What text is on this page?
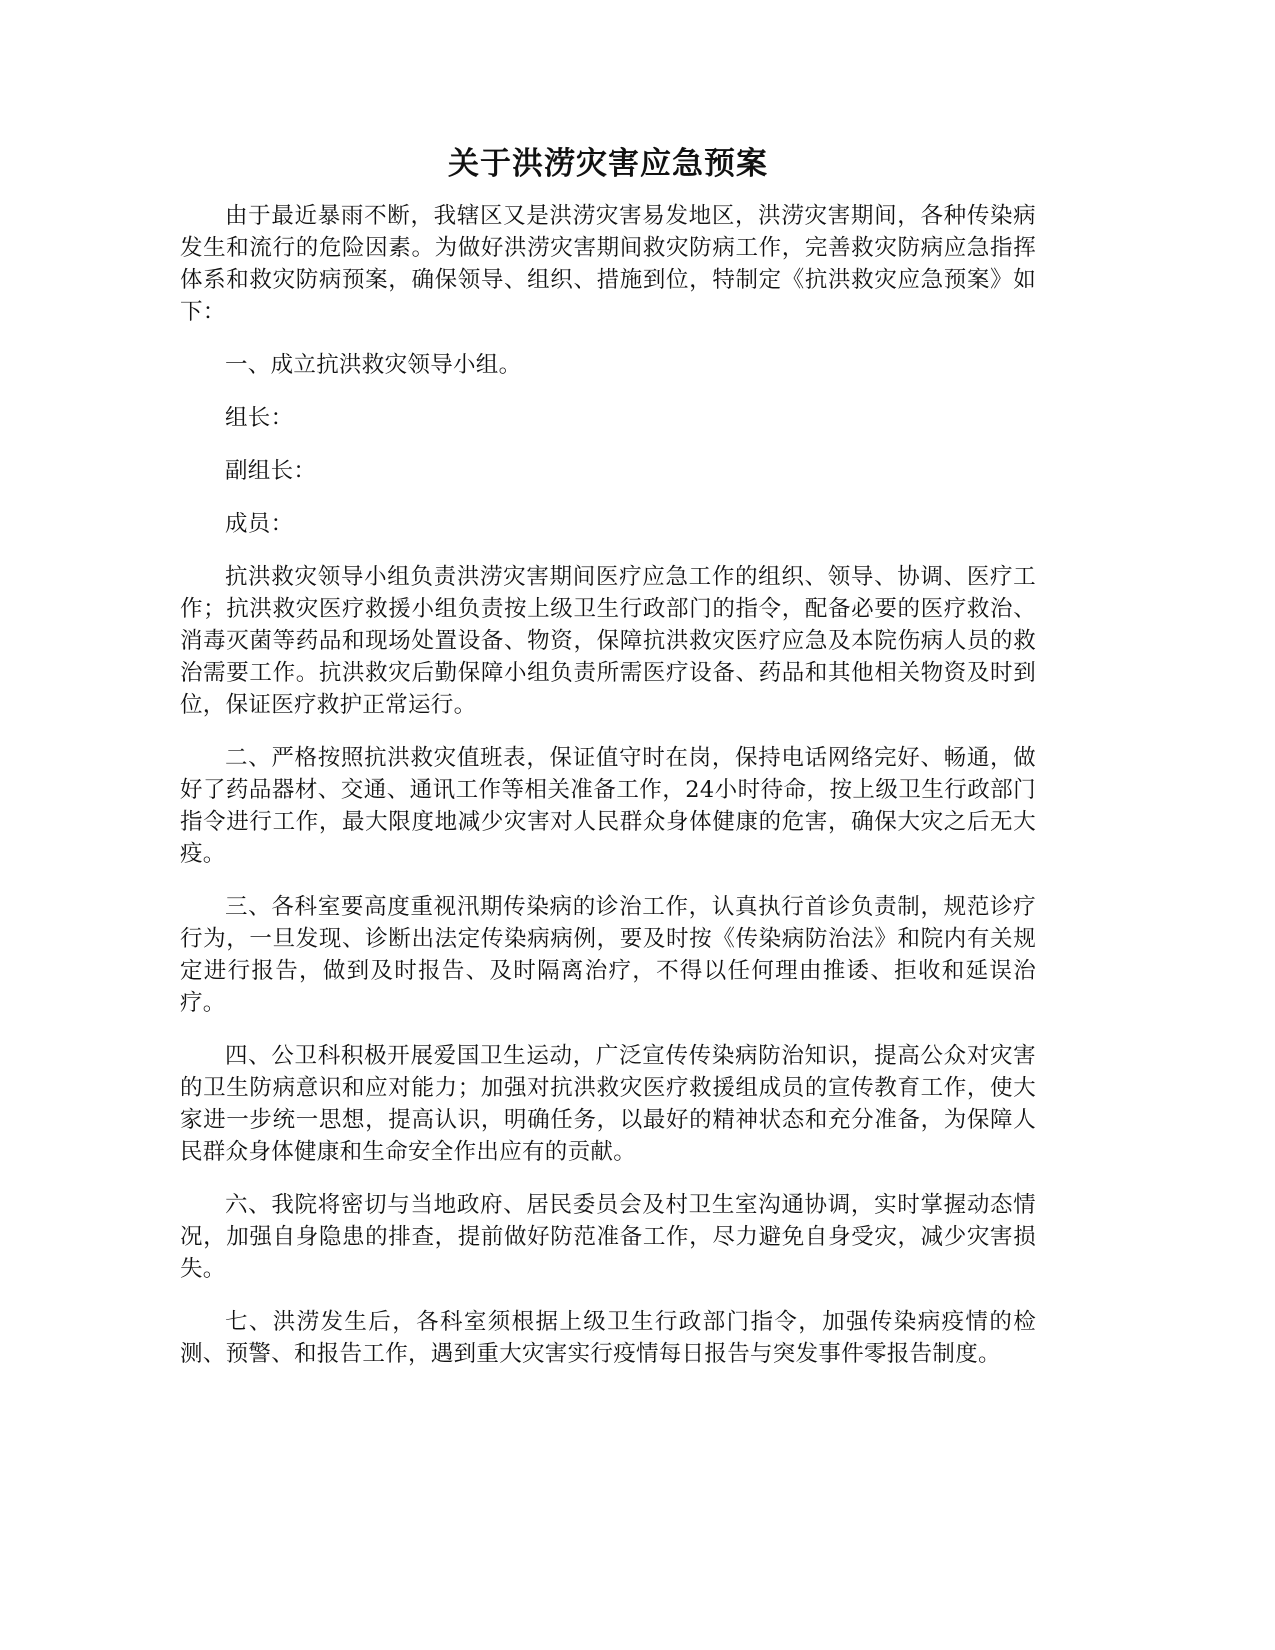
关于洪涝灾害应急预案

由于最近暴雨不断，我辖区又是洪涝灾害易发地区，洪涝灾害期间，各种传染病发生和流行的危险因素。为做好洪涝灾害期间救灾防病工作，完善救灾防病应急指挥体系和救灾防病预案，确保领导、组织、措施到位，特制定《抗洪救灾应急预案》如下：

一、成立抗洪救灾领导小组。

组长：

副组长：

成员：

抗洪救灾领导小组负责洪涝灾害期间医疗应急工作的组织、领导、协调、医疗工作；抗洪救灾医疗救援小组负责按上级卫生行政部门的指令，配备必要的医疗救治、消毒灭菌等药品和现场处置设备、物资，保障抗洪救灾医疗应急及本院伤病人员的救治需要工作。抗洪救灾后勤保障小组负责所需医疗设备、药品和其他相关物资及时到位，保证医疗救护正常运行。

二、严格按照抗洪救灾值班表，保证值守时在岗，保持电话网络完好、畅通，做好了药品器材、交通、通讯工作等相关准备工作，24小时待命，按上级卫生行政部门指令进行工作，最大限度地减少灾害对人民群众身体健康的危害，确保大灾之后无大疫。

三、各科室要高度重视汛期传染病的诊治工作，认真执行首诊负责制，规范诊疗行为，一旦发现、诊断出法定传染病病例，要及时按《传染病防治法》和院内有关规定进行报告，做到及时报告、及时隔离治疗，不得以任何理由推诿、拒收和延误治疗。

四、公卫科积极开展爱国卫生运动，广泛宣传传染病防治知识，提高公众对灾害的卫生防病意识和应对能力；加强对抗洪救灾医疗救援组成员的宣传教育工作，使大家进一步统一思想，提高认识，明确任务，以最好的精神状态和充分准备，为保障人民群众身体健康和生命安全作出应有的贡献。

六、我院将密切与当地政府、居民委员会及村卫生室沟通协调，实时掌握动态情况，加强自身隐患的排查，提前做好防范准备工作，尽力避免自身受灾，减少灾害损失。

七、洪涝发生后，各科室须根据上级卫生行政部门指令，加强传染病疫情的检测、预警、和报告工作，遇到重大灾害实行疫情每日报告与突发事件零报告制度。
